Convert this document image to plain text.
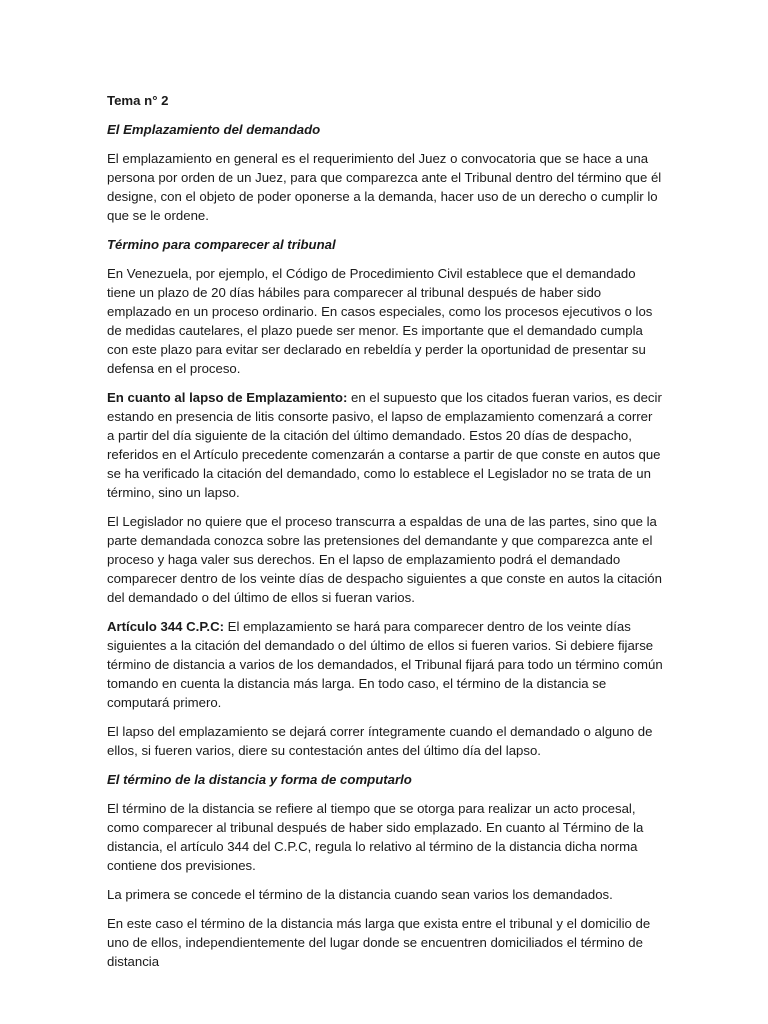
Tema n° 2

El Emplazamiento del demandado

El emplazamiento en general es el requerimiento del Juez o convocatoria que se hace a una persona por orden de un Juez, para que comparezca ante el Tribunal dentro del término que él designe, con el objeto de poder oponerse a la demanda, hacer uso de un derecho o cumplir lo que se le ordene.

Término para comparecer al tribunal

En Venezuela, por ejemplo, el Código de Procedimiento Civil establece que el demandado tiene un plazo de 20 días hábiles para comparecer al tribunal después de haber sido emplazado en un proceso ordinario. En casos especiales, como los procesos ejecutivos o los de medidas cautelares, el plazo puede ser menor. Es importante que el demandado cumpla con este plazo para evitar ser declarado en rebeldía y perder la oportunidad de presentar su defensa en el proceso.

En cuanto al lapso de Emplazamiento: en el supuesto que los citados fueran varios, es decir estando en presencia de litis consorte pasivo, el lapso de emplazamiento comenzará a correr a partir del día siguiente de la citación del último demandado. Estos 20 días de despacho, referidos en el Artículo precedente comenzarán a contarse a partir de que conste en autos que se ha verificado la citación del demandado, como lo establece el Legislador no se trata de un término, sino un lapso.

El Legislador no quiere que el proceso transcurra a espaldas de una de las partes, sino que la parte demandada conozca sobre las pretensiones del demandante y que comparezca ante el proceso y haga valer sus derechos. En el lapso de emplazamiento podrá el demandado comparecer dentro de los veinte días de despacho siguientes a que conste en autos la citación del demandado o del último de ellos si fueran varios.

Artículo 344 C.P.C: El emplazamiento se hará para comparecer dentro de los veinte días siguientes a la citación del demandado o del último de ellos si fueren varios. Si debiere fijarse término de distancia a varios de los demandados, el Tribunal fijará para todo un término común tomando en cuenta la distancia más larga. En todo caso, el término de la distancia se computará primero.

El lapso del emplazamiento se dejará correr íntegramente cuando el demandado o alguno de ellos, si fueren varios, diere su contestación antes del último día del lapso.

El término de la distancia y forma de computarlo

El término de la distancia se refiere al tiempo que se otorga para realizar un acto procesal, como comparecer al tribunal después de haber sido emplazado. En cuanto al Término de la distancia, el artículo 344 del C.P.C, regula lo relativo al término de la distancia dicha norma contiene dos previsiones.

La primera se concede el término de la distancia cuando sean varios los demandados.

En este caso el término de la distancia más larga que exista entre el tribunal y el domicilio de uno de ellos, independientemente del lugar donde se encuentren domiciliados el término de distancia
